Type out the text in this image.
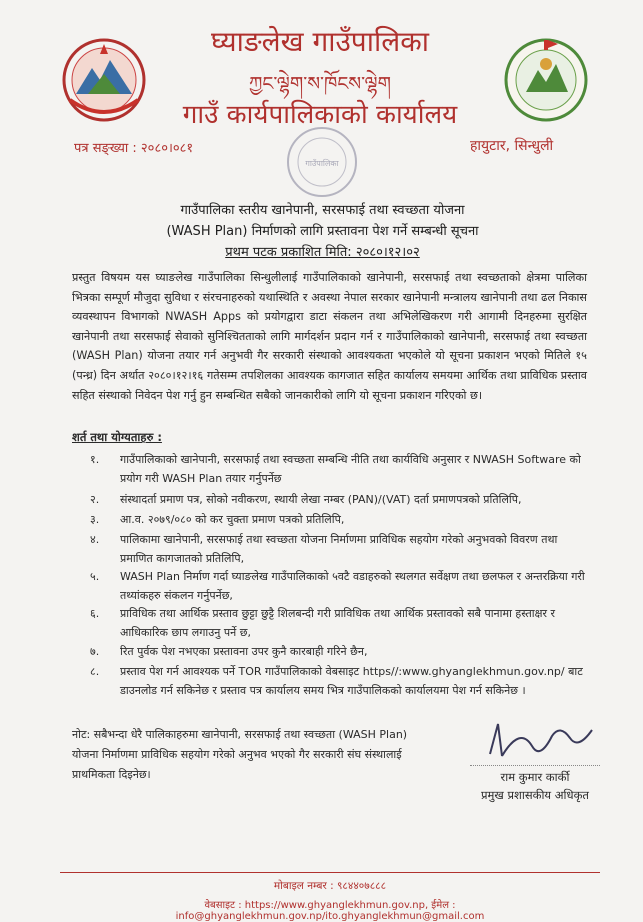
घ्याङलेख गाउँपालिका
ཀྱང་ལྷེག་ས་ཁོངས་ལྷེག
गाउँ कार्यपालिकाको कार्यालय
पत्र सङ्ख्या : २०८०।०८१	हायुटार, सिन्धुली
गाउँपालिका
गाउँपालिका स्तरीय खानेपानी, सरसफाई तथा स्वच्छता योजना
(WASH Plan) निर्माणको लागि प्रस्तावना पेश गर्ने सम्बन्धी सूचना
प्रथम पटक प्रकाशित मिति: २०८०।१२।०२
प्रस्तुत विषयम यस घ्याङलेख गाउँपालिका सिन्धुलीलाई गाउँपालिकाको खानेपानी, सरसफाई तथा स्वच्छताको क्षेत्रमा पालिका भित्रका सम्पूर्ण मौजुदा सुविधा र संरचनाहरुको यथास्थिति र अवस्था नेपाल सरकार खानेपानी मन्त्रालय खानेपानी तथा ढल निकास व्यवस्थापन विभागको NWASH Apps को प्रयोगद्वारा डाटा संकलन तथा अभिलेखिकरण गरी आगामी दिनहरुमा सुरक्षित खानेपानी तथा सरसफाई सेवाको सुनिश्चितताको लागि मार्गदर्शन प्रदान गर्न र गाउँपालिकाको खानेपानी, सरसफाई तथा स्वच्छता (WASH Plan) योजना तयार गर्न अनुभवी गैर सरकारी संस्थाको आवश्यकता भएकोले यो सूचना प्रकाशन भएको मितिले १५ (पन्ध्र) दिन अर्थात २०८०।१२।१६ गतेसम्म तपशिलका आवश्यक कागजात सहित कार्यालय समयमा आर्थिक तथा प्राविधिक प्रस्ताव सहित संस्थाको निवेदन पेश गर्नु हुन सम्बन्धित सबैको जानकारीको लागि यो सूचना प्रकाशन गरिएको छ।
शर्त तथा योग्यताहरु :
१.	गाउँपालिकाको खानेपानी, सरसफाई तथा स्वच्छता सम्बन्धि नीति तथा कार्यविधि अनुसार र NWASH Software को प्रयोग गरी WASH Plan तयार गर्नुपर्नेछ
२.	संस्थादर्ता प्रमाण पत्र, सोको नवीकरण, स्थायी लेखा नम्बर (PAN)/(VAT) दर्ता प्रमाणपत्रको प्रतिलिपि,
३.	आ.व. २०७९/०८० को कर चुक्ता प्रमाण पत्रको प्रतिलिपि,
४.	पालिकामा खानेपानी, सरसफाई तथा स्वच्छता योजना निर्माणमा प्राविधिक सहयोग गरेको अनुभवको विवरण तथा प्रमाणित कागजातको प्रतिलिपि,
५.	WASH Plan निर्माण गर्दा घ्याङलेख गाउँपालिकाको ५वटै वडाहरुको स्थलगत सर्वेक्षण तथा छलफल र अन्तरक्रिया गरी तथ्यांकहरु संकलन गर्नुपर्नेछ,
६.	प्राविधिक तथा आर्थिक प्रस्ताव छुट्टा छुट्टै शिलबन्दी गरी प्राविधिक तथा आर्थिक प्रस्तावको सबै पानामा हस्ताक्षर र आधिकारिक छाप लगाउनु पर्ने छ,
७.	रित पुर्वक पेश नभएका प्रस्तावना उपर कुनै कारबाही गरिने छैन,
८.	प्रस्ताव पेश गर्न आवश्यक पर्ने TOR गाउँपालिकाको वेबसाइट https//:www.ghyanglekhmun.gov.np/ बाट डाउनलोड गर्न सकिनेछ र प्रस्ताव पत्र कार्यालय समय भित्र गाउँपालिकको कार्यालयमा पेश गर्न सकिनेछ ।
नोट: सबैभन्दा धेरै पालिकाहरुमा खानेपानी, सरसफाई तथा स्वच्छता (WASH Plan) योजना निर्माणमा प्राविधिक सहयोग गरेको अनुभव भएको गैर सरकारी संघ संस्थालाई प्राथमिकता दिइनेछ।	राम कुमार कार्की
प्रमुख प्रशासकीय अधिकृत
मोबाइल नम्बर : ९८४४०७८८८
वेबसाइट : https://www.ghyanglekhmun.gov.np, ईमेल : info@ghyanglekhmun.gov.np/ito.ghyanglekhmun@gmail.com
